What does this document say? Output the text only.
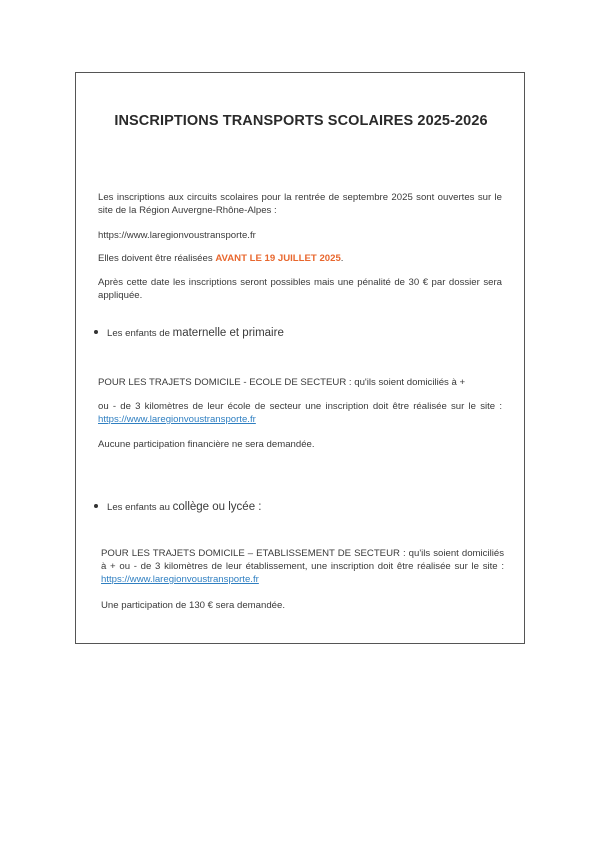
INSCRIPTIONS TRANSPORTS SCOLAIRES 2025-2026

Les inscriptions aux circuits scolaires pour la rentrée de septembre 2025 sont ouvertes sur le site de la Région Auvergne-Rhône-Alpes :

https://www.laregionvoustransporte.fr

Elles doivent être réalisées AVANT LE 19 JUILLET 2025.

Après cette date les inscriptions seront possibles mais une pénalité de 30 € par dossier sera appliquée.

Les enfants de
maternelle et primaire

POUR LES TRAJETS DOMICILE - ECOLE DE SECTEUR : qu'ils soient domiciliés à +

ou - de 3 kilomètres de leur école de secteur une inscription doit être réalisée sur le site : https://www.laregionvoustransporte.fr

Aucune participation financière ne sera demandée.

Les enfants au
collège ou lycée :

POUR LES TRAJETS DOMICILE – ETABLISSEMENT DE SECTEUR : qu'ils soient domiciliés à + ou - de 3 kilomètres de leur établissement, une inscription doit être réalisée sur le site : https://www.laregionvoustransporte.fr

Une participation de 130 € sera demandée.
